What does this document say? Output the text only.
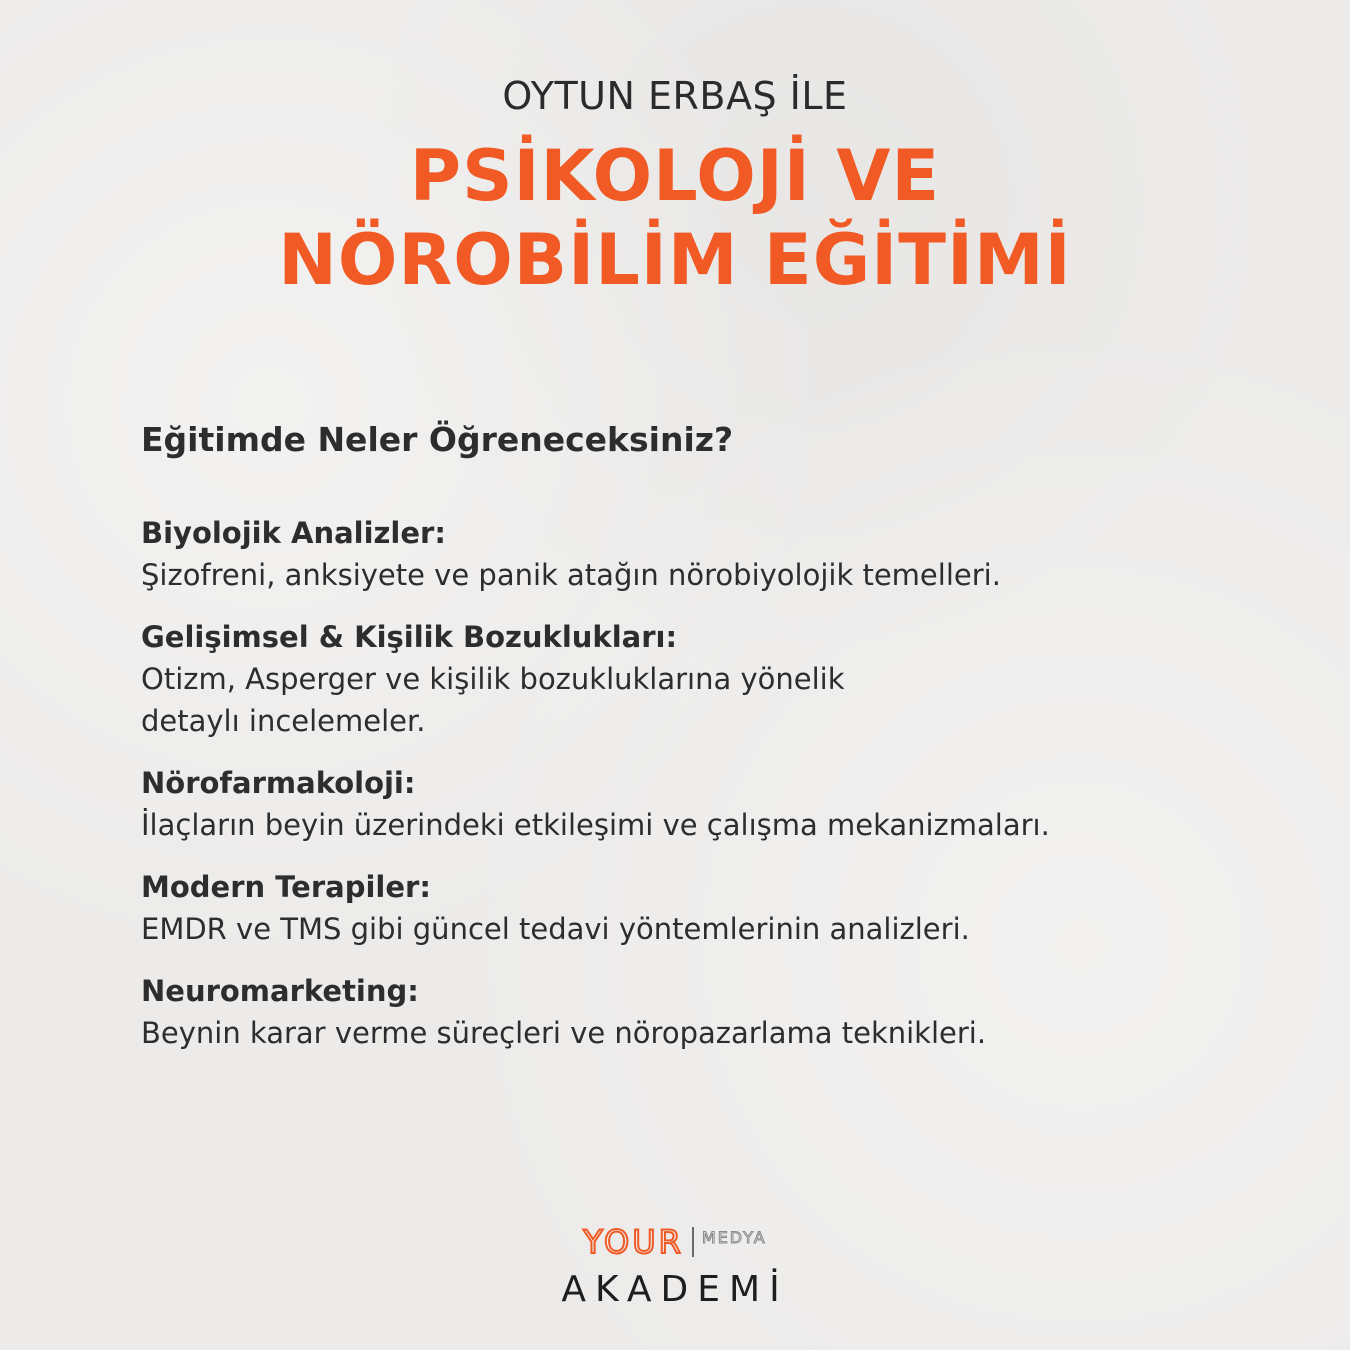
OYTUN ERBAŞ İLE
PSİKOLOJİ VE
NÖROBİLİM EĞİTİMİ
Eğitimde Neler Öğreneceksiniz?
Biyolojik Analizler:
Şizofreni, anksiyete ve panik atağın nörobiyolojik temelleri.
Gelişimsel & Kişilik Bozuklukları:
Otizm, Asperger ve kişilik bozukluklarına yönelik
detaylı incelemeler.
Nörofarmakoloji:
İlaçların beyin üzerindeki etkileşimi ve çalışma mekanizmaları.
Modern Terapiler:
EMDR ve TMS gibi güncel tedavi yöntemlerinin analizleri.
Neuromarketing:
Beynin karar verme süreçleri ve nöropazarlama teknikleri.
YOUR MEDYA
AKADEMİ
